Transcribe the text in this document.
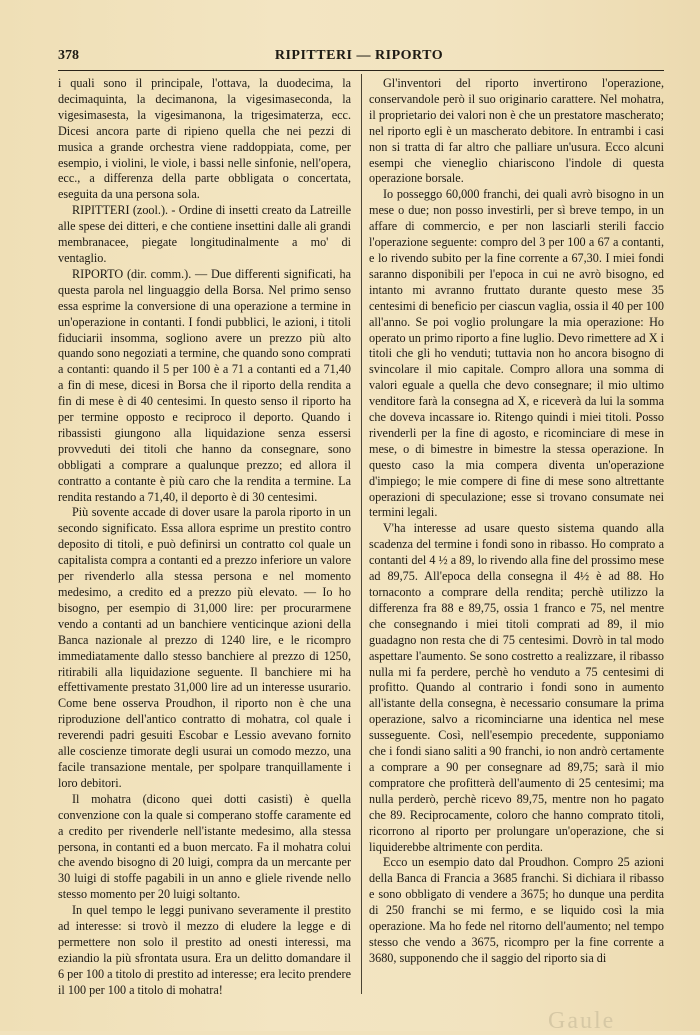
378	RIPITTERI — RIPORTO

i quali sono il principale, l'ottava, la duodecima, la decimaquinta, la decimanona, la vigesimaseconda, la vigesimasesta, la vigesimanona, la trigesimaterza, ecc. Dicesi ancora parte di ripieno quella che nei pezzi di musica a grande orchestra viene raddoppiata, come, per esempio, i violini, le viole, i bassi nelle sinfonie, nell'opera, ecc., a differenza della parte obbligata o concertata, eseguita da una persona sola.

RIPITTERI (zool.). - Ordine di insetti creato da Latreille alle spese dei ditteri, e che contiene insettini dalle ali grandi membranacee, piegate longitudinalmente a mo' di ventaglio.

RIPORTO (dir. comm.). — Due differenti significati, ha questa parola nel linguaggio della Borsa. Nel primo senso essa esprime la conversione di una operazione a termine in un'operazione in contanti. I fondi pubblici, le azioni, i titoli fiduciarii insomma, sogliono avere un prezzo più alto quando sono negoziati a termine, che quando sono comprati a contanti: quando il 5 per 100 è a 71 a contanti ed a 71,40 a fin di mese, dicesi in Borsa che il riporto della rendita a fin di mese è di 40 centesimi. In questo senso il riporto ha per termine opposto e reciproco il deporto. Quando i ribassisti giungono alla liquidazione senza essersi provveduti dei titoli che hanno da consegnare, sono obbligati a comprare a qualunque prezzo; ed allora il contratto a contante è più caro che la rendita a termine. La rendita restando a 71,40, il deporto è di 30 centesimi.

Più sovente accade di dover usare la parola riporto in un secondo significato. Essa allora esprime un prestito contro deposito di titoli, e può definirsi un contratto col quale un capitalista compra a contanti ed a prezzo inferiore un valore per rivenderlo alla stessa persona e nel momento medesimo, a credito ed a prezzo più elevato. — Io ho bisogno, per esempio di 31,000 lire: per procurarmene vendo a contanti ad un banchiere venticinque azioni della Banca nazionale al prezzo di 1240 lire, e le ricompro immediatamente dallo stesso banchiere al prezzo di 1250, ritirabili alla liquidazione seguente. Il banchiere mi ha effettivamente prestato 31,000 lire ad un interesse usurario. Come bene osserva Proudhon, il riporto non è che una riproduzione dell'antico contratto di mohatra, col quale i reverendi padri gesuiti Escobar e Lessio avevano fornito alle coscienze timorate degli usurai un comodo mezzo, una facile transazione mentale, per spolpare tranquillamente i loro debitori.

Il mohatra (dicono quei dotti casisti) è quella convenzione con la quale si comperano stoffe caramente ed a credito per rivenderle nell'istante medesimo, alla stessa persona, in contanti ed a buon mercato. Fa il mohatra colui che avendo bisogno di 20 luigi, compra da un mercante per 30 luigi di stoffe pagabili in un anno e gliele rivende nello stesso momento per 20 luigi soltanto.

In quel tempo le leggi punivano severamente il prestito ad interesse: si trovò il mezzo di eludere la legge e di permettere non solo il prestito ad onesti interessi, ma eziandio la più sfrontata usura. Era un delitto domandare il 6 per 100 a titolo di prestito ad interesse; era lecito prendere il 100 per 100 a titolo di mohatra!

Gl'inventori del riporto invertirono l'operazione, conservandole però il suo originario carattere. Nel mohatra, il proprietario dei valori non è che un prestatore mascherato; nel riporto egli è un mascherato debitore. In entrambi i casi non si tratta di far altro che palliare un'usura. Ecco alcuni esempi che vieneglio chiariscono l'indole di questa operazione borsale.

Io posseggo 60,000 franchi, dei quali avrò bisogno in un mese o due; non posso investirli, per sì breve tempo, in un affare di commercio, e per non lasciarli sterili faccio l'operazione seguente: compro del 3 per 100 a 67 a contanti, e lo rivendo subito per la fine corrente a 67,30. I miei fondi saranno disponibili per l'epoca in cui ne avrò bisogno, ed intanto mi avranno fruttato durante questo mese 35 centesimi di beneficio per ciascun vaglia, ossia il 40 per 100 all'anno. Se poi voglio prolungare la mia operazione: Ho operato un primo riporto a fine luglio. Devo rimettere ad X i titoli che gli ho venduti; tuttavia non ho ancora bisogno di svincolare il mio capitale. Compro allora una somma di valori eguale a quella che devo consegnare; il mio ultimo venditore farà la consegna ad X, e riceverà da lui la somma che doveva incassare io. Ritengo quindi i miei titoli. Posso rivenderli per la fine di agosto, e ricominciare di mese in mese, o di bimestre in bimestre la stessa operazione. In questo caso la mia compera diventa un'operazione d'impiego; le mie compere di fine di mese sono altrettante operazioni di speculazione; esse si trovano consumate nei termini legali.

V'ha interesse ad usare questo sistema quando alla scadenza del termine i fondi sono in ribasso. Ho comprato a contanti del 4 ½ a 89, lo rivendo alla fine del prossimo mese ad 89,75. All'epoca della consegna il 4½ è ad 88. Ho tornaconto a comprare della rendita; perchè utilizzo la differenza fra 88 e 89,75, ossia 1 franco e 75, nel mentre che consegnando i miei titoli comprati ad 89, il mio guadagno non resta che di 75 centesimi. Dovrò in tal modo aspettare l'aumento. Se sono costretto a realizzare, il ribasso nulla mi fa perdere, perchè ho venduto a 75 centesimi di profitto. Quando al contrario i fondi sono in aumento all'istante della consegna, è necessario consumare la prima operazione, salvo a ricominciarne una identica nel mese susseguente. Così, nell'esempio precedente, supponiamo che i fondi siano saliti a 90 franchi, io non andrò certamente a comprare a 90 per consegnare ad 89,75; sarà il mio compratore che profitterà dell'aumento di 25 centesimi; ma nulla perderò, perchè ricevo 89,75, mentre non ho pagato che 89. Reciprocamente, coloro che hanno comprato titoli, ricorrono al riporto per prolungare un'operazione, che si liquiderebbe altrimente con perdita.

Ecco un esempio dato dal Proudhon. Compro 25 azioni della Banca di Francia a 3685 franchi. Si dichiara il ribasso e sono obbligato di vendere a 3675; ho dunque una perdita di 250 franchi se mi fermo, e se liquido così la mia operazione. Ma ho fede nel ritorno dell'aumento; nel tempo stesso che vendo a 3675, ricompro per la fine corrente a 3680, supponendo che il saggio del riporto sia di

Gaule
